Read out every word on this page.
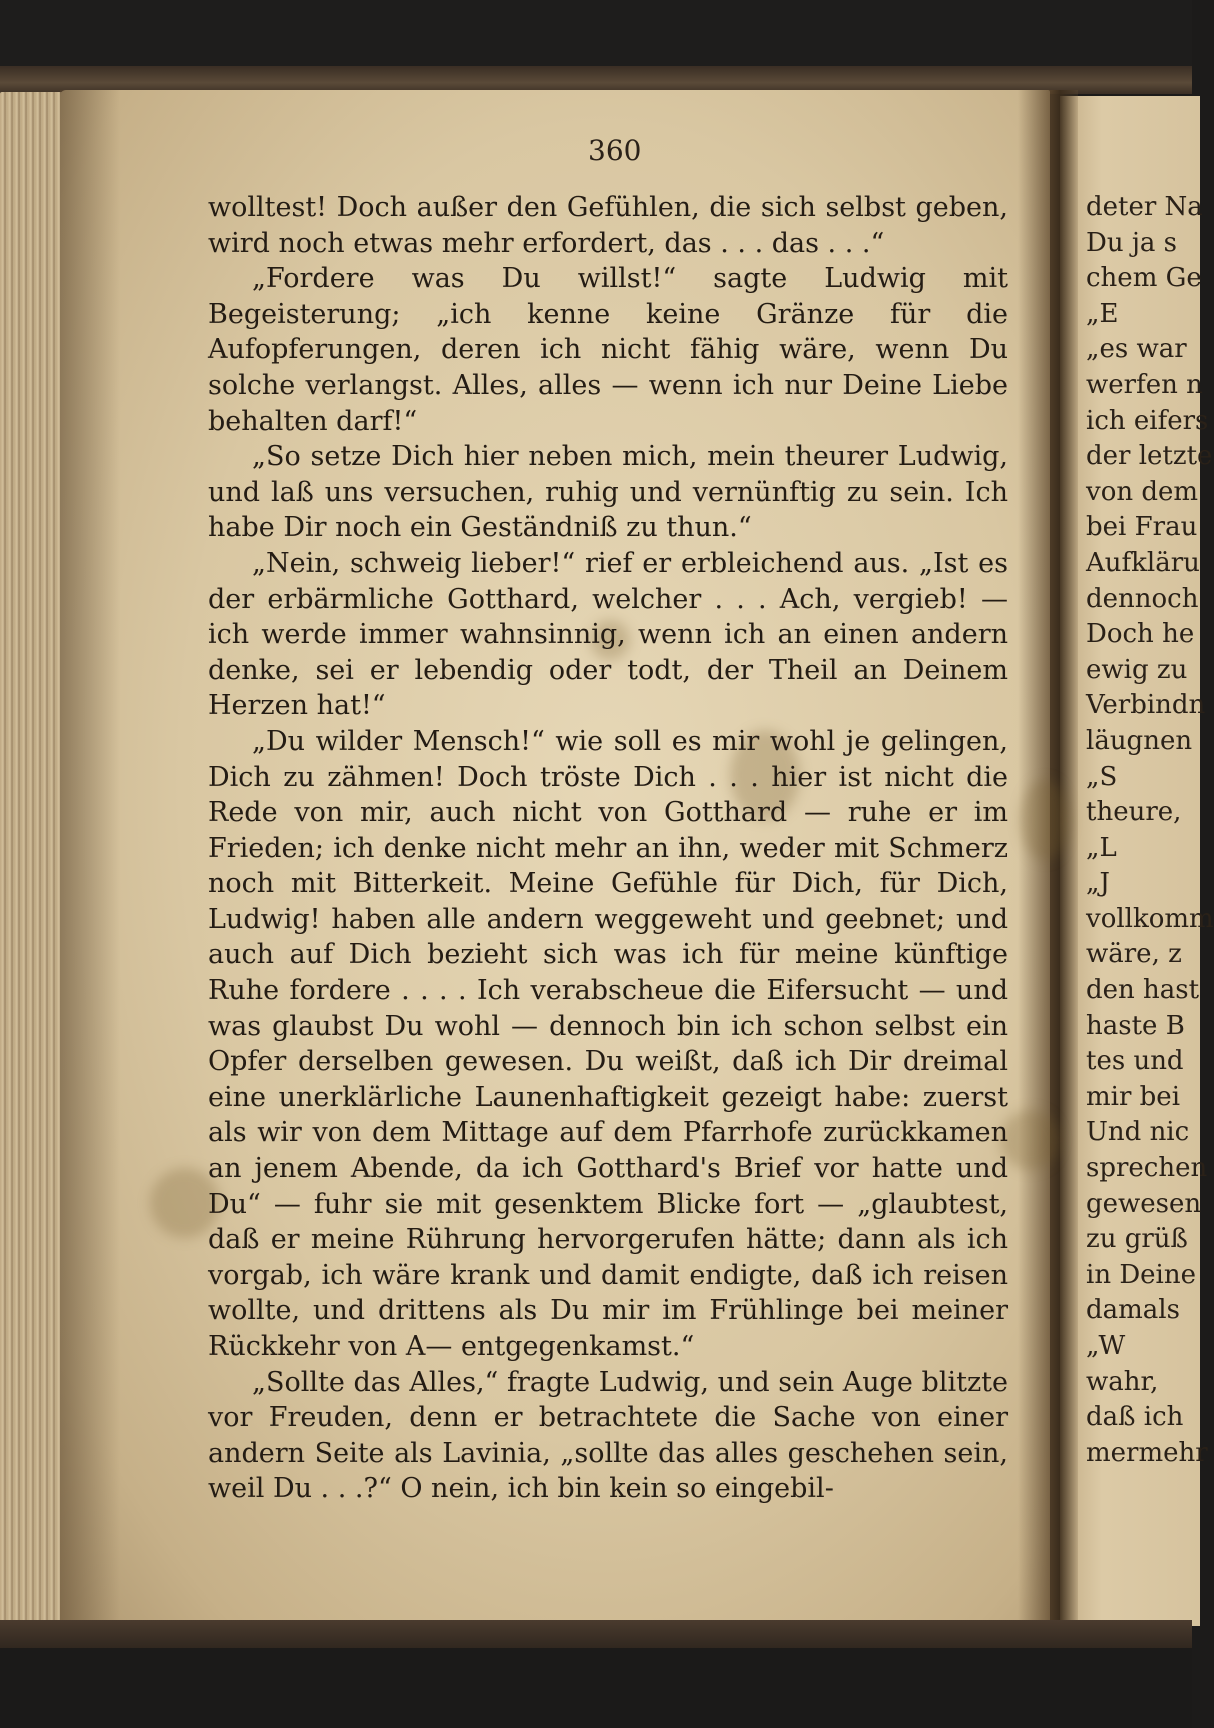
360

wolltest! Doch außer den Gefühlen, die sich selbst geben, wird noch etwas mehr erfordert, das . . . das . . .“

„Fordere was Du willst!“ sagte Ludwig mit Begeisterung; „ich kenne keine Gränze für die Aufopferungen, deren ich nicht fähig wäre, wenn Du solche verlangst. Alles, alles — wenn ich nur Deine Liebe behalten darf!“

„So setze Dich hier neben mich, mein theurer Ludwig, und laß uns versuchen, ruhig und vernünftig zu sein. Ich habe Dir noch ein Geständniß zu thun.“

„Nein, schweig lieber!“ rief er erbleichend aus. „Ist es der erbärmliche Gotthard, welcher . . . Ach, vergieb! — ich werde immer wahnsinnig, wenn ich an einen andern denke, sei er lebendig oder todt, der Theil an Deinem Herzen hat!“

„Du wilder Mensch!“ wie soll es mir wohl je gelingen, Dich zu zähmen! Doch tröste Dich . . . hier ist nicht die Rede von mir, auch nicht von Gotthard — ruhe er im Frieden; ich denke nicht mehr an ihn, weder mit Schmerz noch mit Bitterkeit. Meine Gefühle für Dich, für Dich, Ludwig! haben alle andern weggeweht und geebnet; und auch auf Dich bezieht sich was ich für meine künftige Ruhe fordere . . . . Ich verabscheue die Eifersucht — und was glaubst Du wohl — dennoch bin ich schon selbst ein Opfer derselben gewesen. Du weißt, daß ich Dir dreimal eine unerklärliche Launenhaftigkeit gezeigt habe: zuerst als wir von dem Mittage auf dem Pfarrhofe zurückkamen an jenem Abende, da ich Gotthard's Brief vor hatte und Du“ — fuhr sie mit gesenktem Blicke fort — „glaubtest, daß er meine Rührung hervorgerufen hätte; dann als ich vorgab, ich wäre krank und damit endigte, daß ich reisen wollte, und drittens als Du mir im Frühlinge bei meiner Rückkehr von A— entgegenkamst.“

„Sollte das Alles,“ fragte Ludwig, und sein Auge blitzte vor Freuden, denn er betrachtete die Sache von einer andern Seite als Lavinia, „sollte das alles geschehen sein, weil Du . . .?“ O nein, ich bin kein so eingebil-

deter Na
Du ja s
chem Ge
„E
„es war
werfen n
ich eifers
der letzte
von dem
bei Frau
Aufkläru
dennoch
Doch he
ewig zu
Verbindn
läugnen
„S
theure,
„L
„J
vollkomm
wäre, z
den hast
haste B
tes und
mir bei
Und nic
sprechen
gewesen
zu grüß
in Deine
damals
„W
wahr,
daß ich
mermehr
